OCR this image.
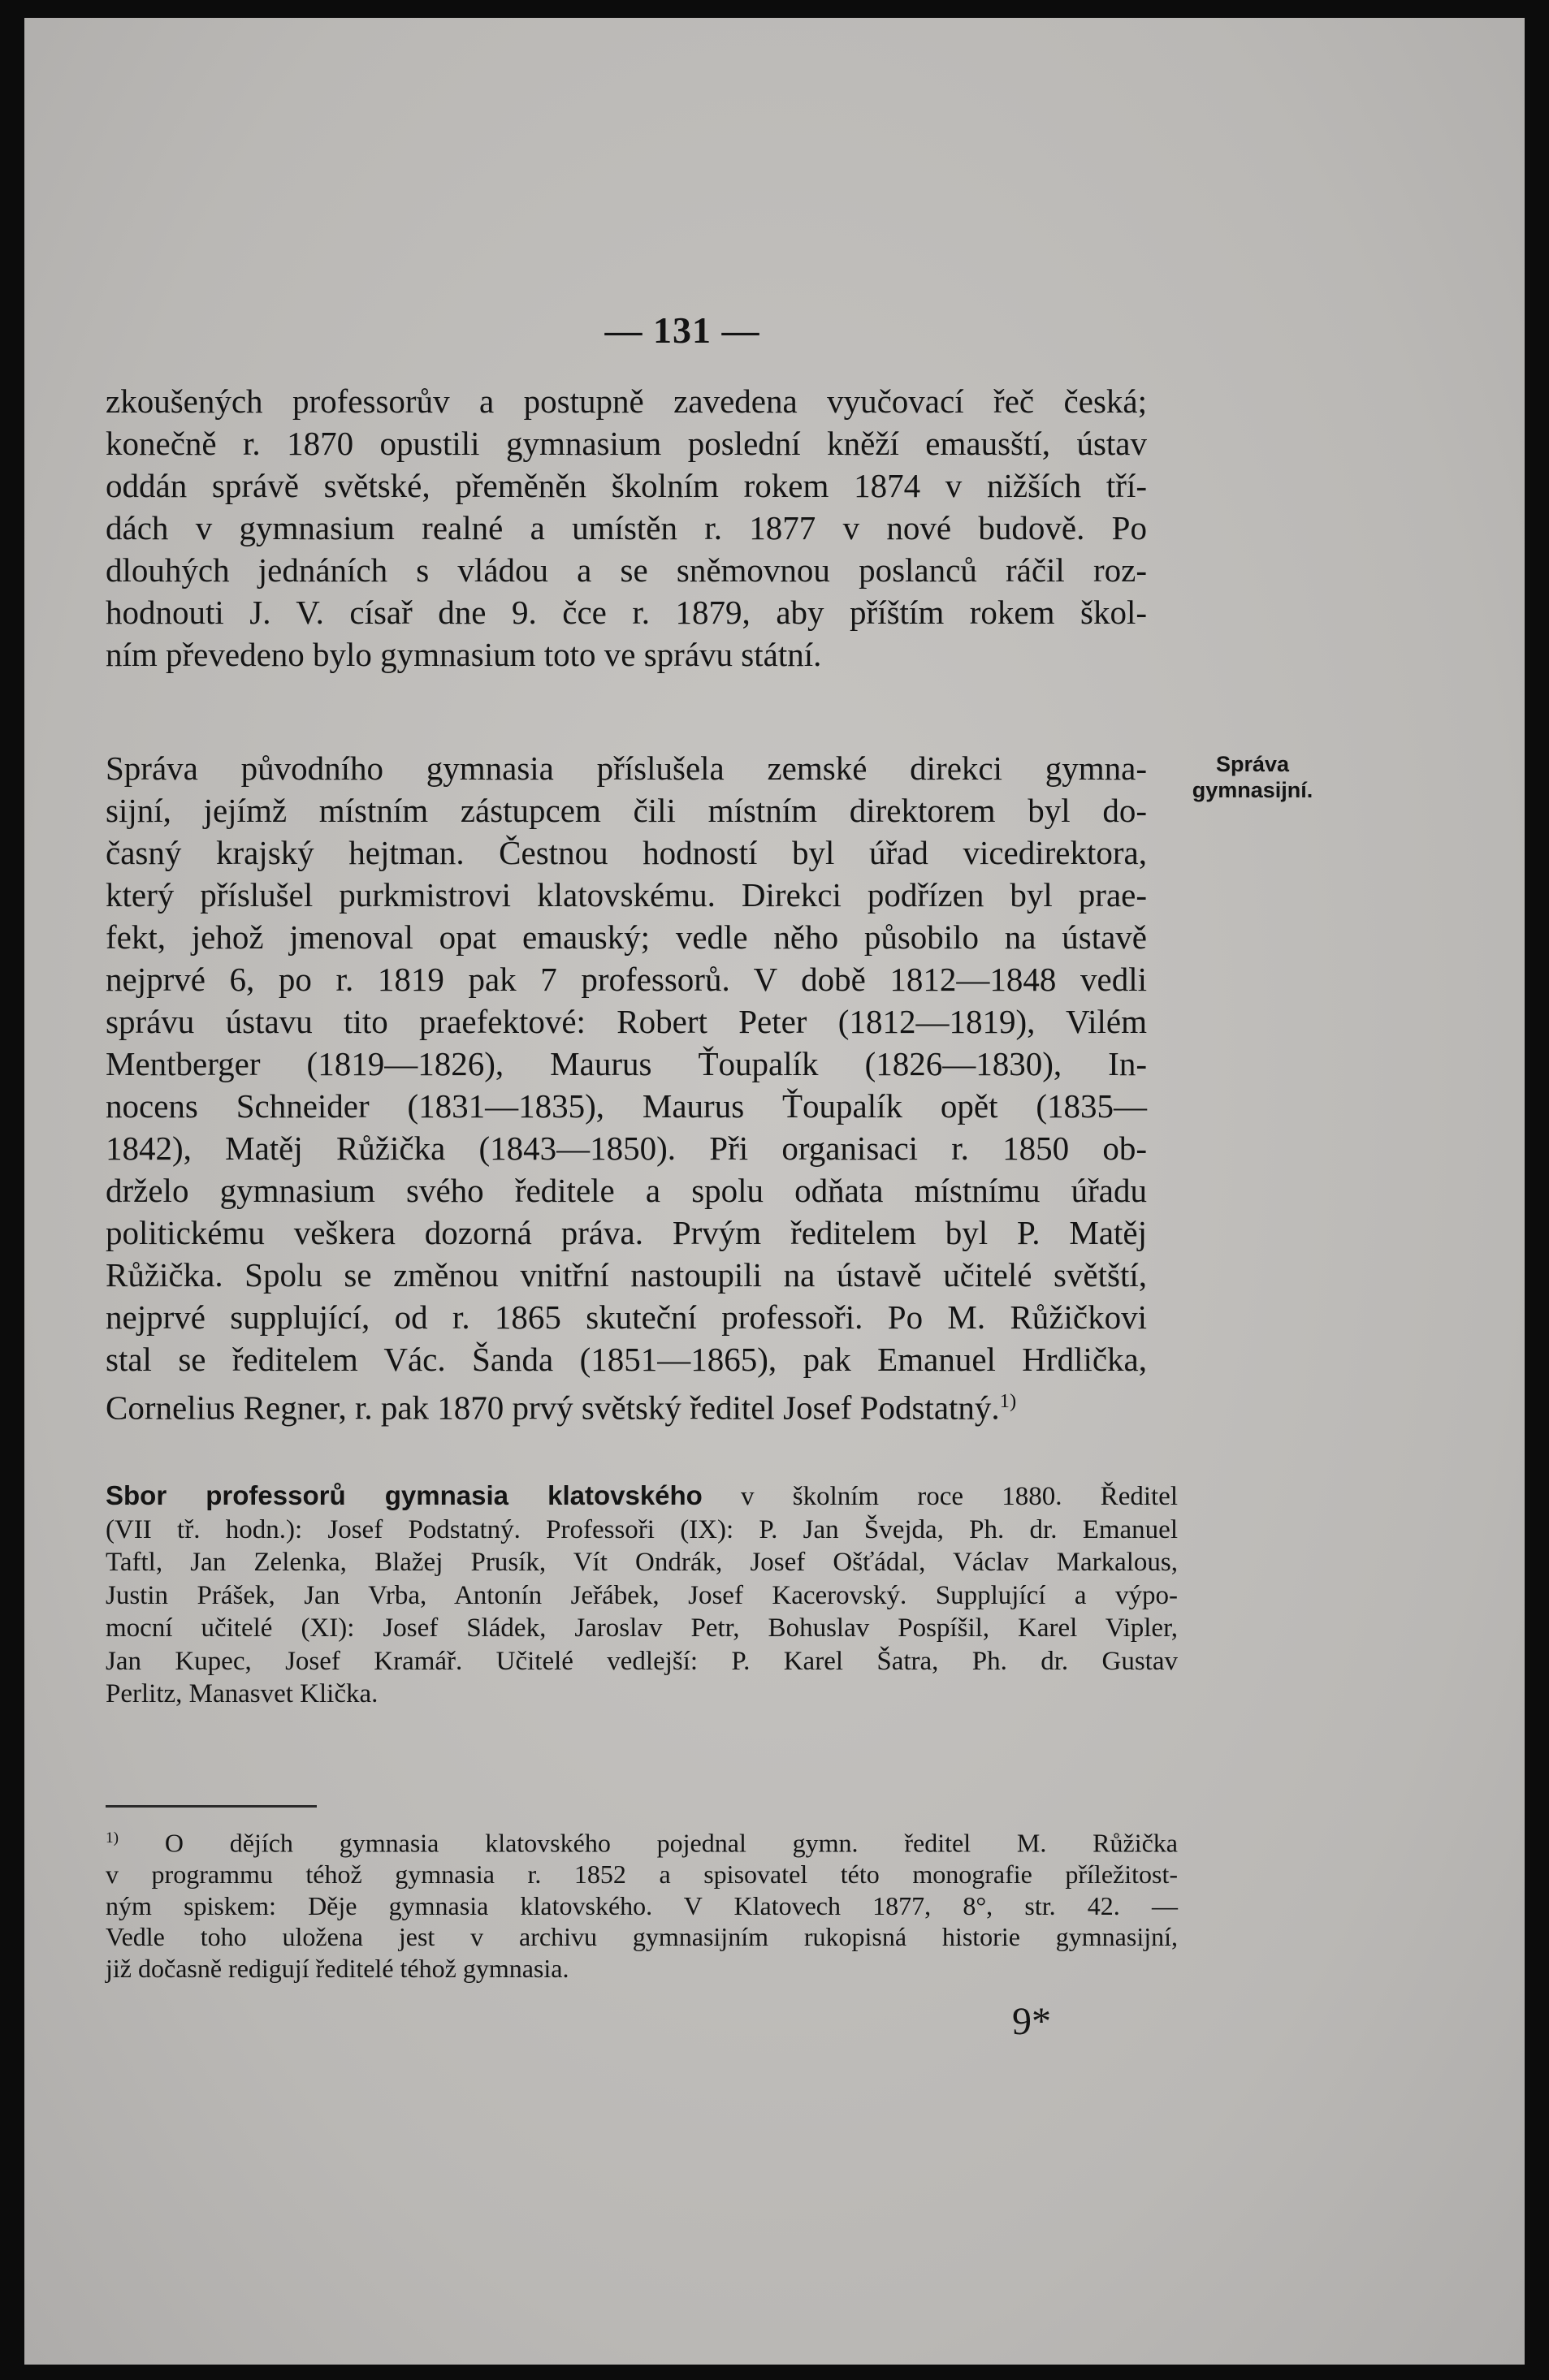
— 131 —

zkoušených professorův a postupně zavedena vyučovací řeč česká;
konečně r. 1870 opustili gymnasium poslední kněží emausští, ústav
oddán správě světské, přeměněn školním rokem 1874 v nižších tří-
dách v gymnasium realné a umístěn r. 1877 v nové budově. Po
dlouhých jednáních s vládou a se sněmovnou poslanců ráčil roz-
hodnouti J. V. císař dne 9. čce r. 1879, aby příštím rokem škol-
ním převedeno bylo gymnasium toto ve správu státní.

Správa
gymnasijní.

Správa původního gymnasia příslušela zemské direkci gymna-
sijní, jejímž místním zástupcem čili místním direktorem byl do-
časný krajský hejtman. Čestnou hodností byl úřad vicedirektora,
který příslušel purkmistrovi klatovskému. Direkci podřízen byl prae-
fekt, jehož jmenoval opat emauský; vedle něho působilo na ústavě
nejprvé 6, po r. 1819 pak 7 professorů. V době 1812—1848 vedli
správu ústavu tito praefektové: Robert Peter (1812—1819), Vilém
Mentberger (1819—1826), Maurus Ťoupalík (1826—1830), In-
nocens Schneider (1831—1835), Maurus Ťoupalík opět (1835—
1842), Matěj Růžička (1843—1850). Při organisaci r. 1850 ob-
drželo gymnasium svého ředitele a spolu odňata místnímu úřadu
politickému veškera dozorná práva. Prvým ředitelem byl P. Matěj
Růžička. Spolu se změnou vnitřní nastoupili na ústavě učitelé světští,
nejprvé supplující, od r. 1865 skuteční professoři. Po M. Růžičkovi
stal se ředitelem Vác. Šanda (1851—1865), pak Emanuel Hrdlička,
Cornelius Regner, r. pak 1870 prvý světský ředitel Josef Podstatný.$^{1)}$

Sbor professorů gymnasia klatovského v školním roce 1880. Ředitel
(VII tř. hodn.): Josef Podstatný. Professoři (IX): P. Jan Švejda, Ph. dr. Emanuel
Taftl, Jan Zelenka, Blažej Prusík, Vít Ondrák, Josef Ošťádal, Václav Markalous,
Justin Prášek, Jan Vrba, Antonín Jeřábek, Josef Kacerovský. Supplující a výpo-
mocní učitelé (XI): Josef Sládek, Jaroslav Petr, Bohuslav Pospíšil, Karel Vipler,
Jan Kupec, Josef Kramář. Učitelé vedlejší: P. Karel Šatra, Ph. dr. Gustav
Perlitz, Manasvet Klička.

$^{1)}$ O dějích gymnasia klatovského pojednal gymn. ředitel M. Růžička
v programmu téhož gymnasia r. 1852 a spisovatel této monografie příležitost-
ným spiskem: Děje gymnasia klatovského. V Klatovech 1877, 8°, str. 42. —
Vedle toho uložena jest v archivu gymnasijním rukopisná historie gymnasijní,
již dočasně redigují ředitelé téhož gymnasia.

9*
